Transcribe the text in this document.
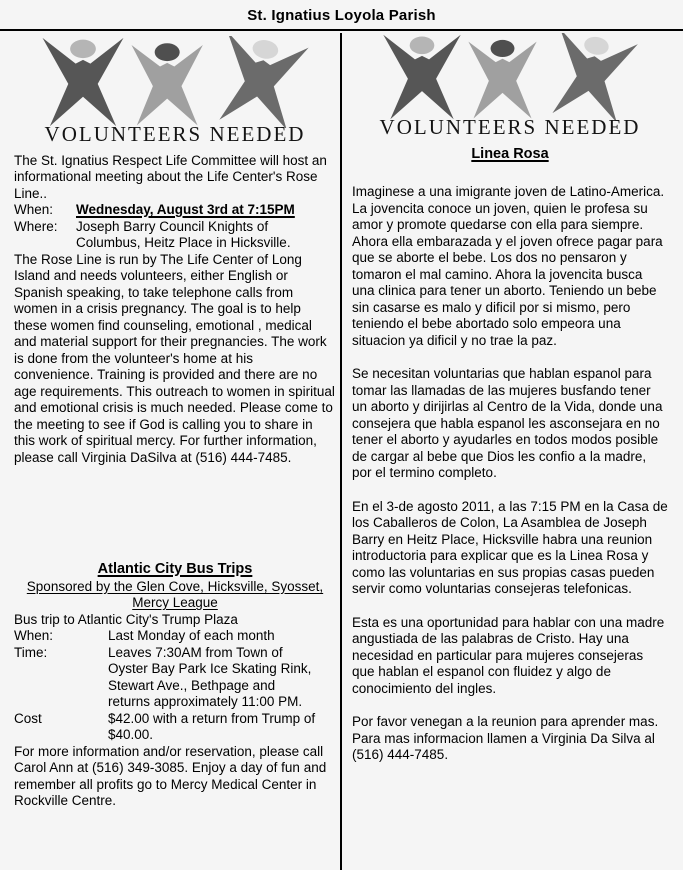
St. Ignatius Loyola Parish
VOLUNTEERS NEEDED
The St. Ignatius Respect Life Committee will host an informational meeting about the Life Center's Rose Line..
When:	Wednesday, August 3rd at 7:15PM
Where:	Joseph Barry Council Knights of Columbus, Heitz Place in Hicksville.
The Rose Line is run by The Life Center of Long Island and needs volunteers, either English or Spanish speaking, to take telephone calls from women in a crisis pregnancy. The goal is to help these women find counseling, emotional , medical and material support for their pregnancies. The work is done from the volunteer's home at his convenience. Training is provided and there are no age requirements. This outreach to women in spiritual and emotional crisis is much needed. Please come to the meeting to see if God is calling you to share in this work of spiritual mercy. For further information, please call Virginia DaSilva at (516) 444-7485.
Atlantic City Bus Trips
Sponsored by the Glen Cove, Hicksville, Syosset, Mercy League
Bus trip to Atlantic City's Trump Plaza
When:	Last Monday of each month
Time:	Leaves 7:30AM from Town of Oyster Bay Park Ice Skating Rink, Stewart Ave., Bethpage and returns approximately 11:00 PM.
Cost	$42.00 with a return from Trump of $40.00.
For more information and/or reservation, please call Carol Ann at (516) 349-3085. Enjoy a day of fun and remember all profits go to Mercy Medical Center in Rockville Centre.
VOLUNTEERS NEEDED
Linea Rosa

Imaginese a una imigrante joven de Latino-America. La jovencita conoce un joven, quien le profesa su amor y promote quedarse con ella para siempre. Ahora ella embarazada y el joven ofrece pagar para que se aborte el bebe. Los dos no pensaron y tomaron el mal camino. Ahora la jovencita busca una clinica para tener un aborto. Teniendo un bebe sin casarse es malo y dificil por si mismo, pero teniendo el bebe abortado solo empeora una situacion ya dificil y no trae la paz.

Se necesitan voluntarias que hablan espanol para tomar las llamadas de las mujeres busfando tener un aborto y dirijirlas al Centro de la Vida, donde una consejera que habla espanol les asconsejara en no tener el aborto y ayudarles en todos modos posible de cargar al bebe que Dios les confio a la madre, por el termino completo.

En el 3-de agosto 2011, a las 7:15 PM en la Casa de los Caballeros de Colon, La Asamblea de Joseph Barry en Heitz Place, Hicksville habra una reunion introductoria para explicar que es la Linea Rosa y como las voluntarias en sus propias casas pueden servir como voluntarias consejeras telefonicas.

Esta es una oportunidad para hablar con una madre angustiada de las palabras de Cristo. Hay una necesidad en particular para mujeres consejeras que hablan el espanol con fluidez y algo de conocimiento del ingles.

Por favor venegan a la reunion para aprender mas. Para mas informacion llamen a Virginia Da Silva al (516) 444-7485.
